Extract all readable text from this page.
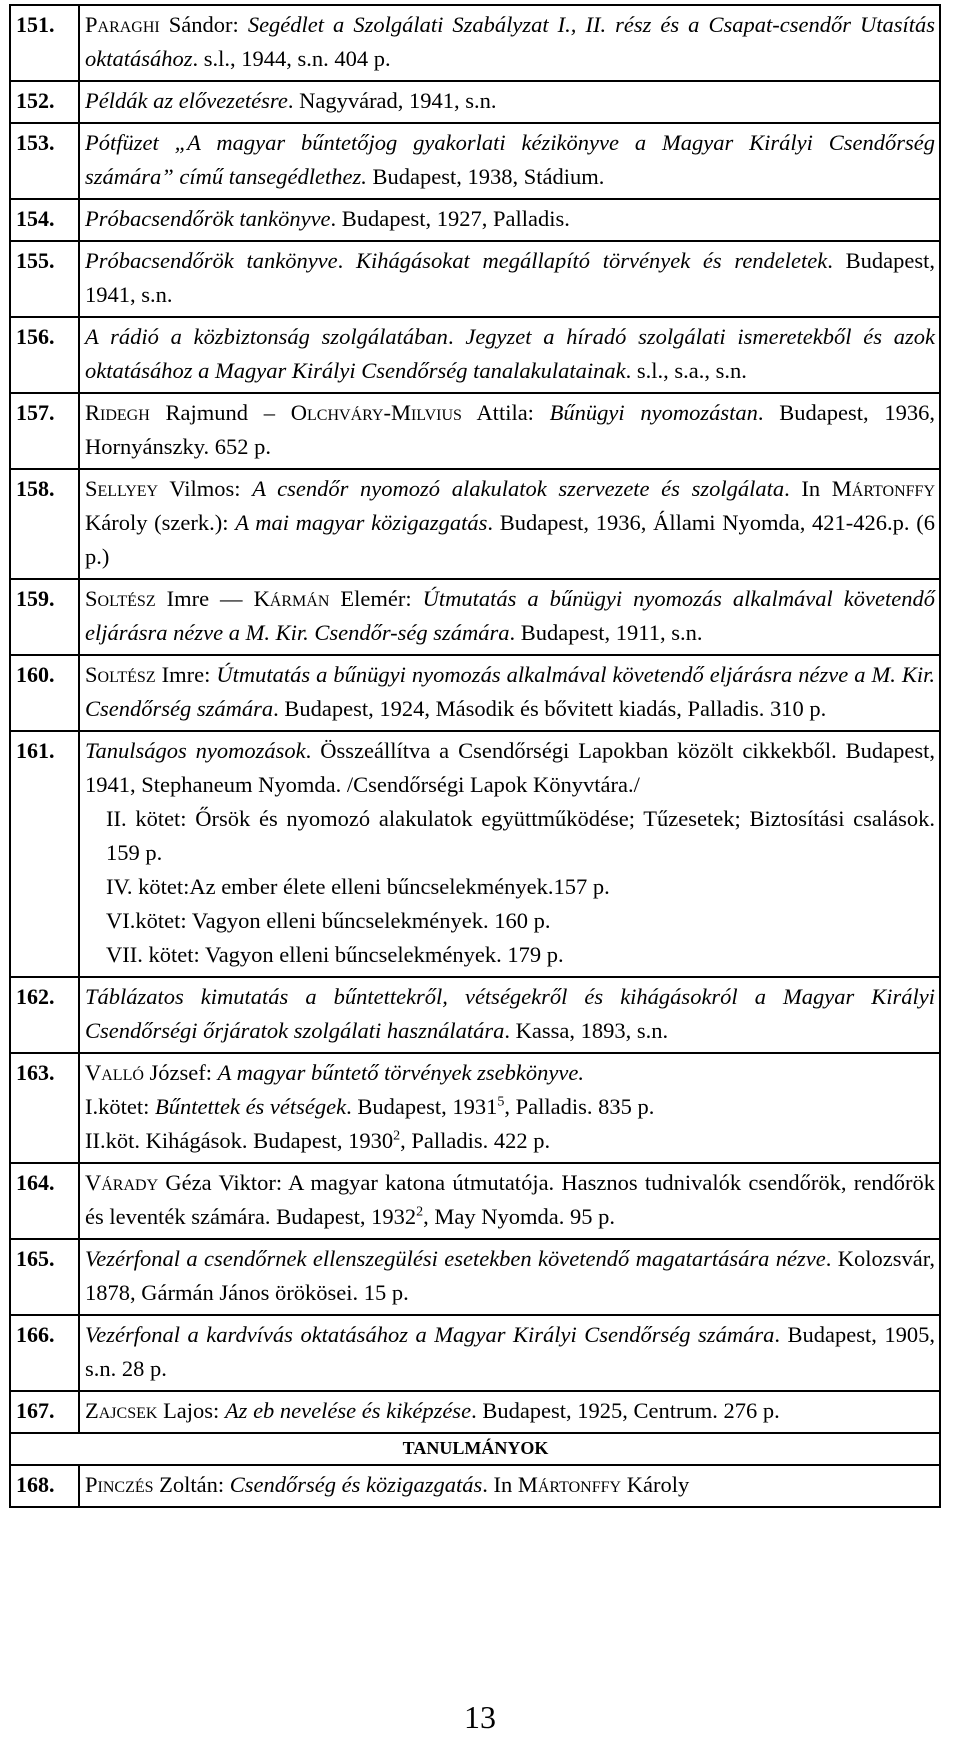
151.	Paraghi Sándor: Segédlet a Szolgálati Szabályzat I., II. rész és a Csapat-csendőr Utasítás oktatásához. s.l., 1944, s.n. 404 p.

152.	Példák az elővezetésre. Nagyvárad, 1941, s.n.

153.	Pótfüzet „A magyar bűntetőjog gyakorlati kézikönyve a Magyar Királyi Csendőrség számára” című tansegédlethez. Budapest, 1938, Stádium.

154.	Próbacsendőrök tankönyve. Budapest, 1927, Palladis.

155.	Próbacsendőrök tankönyve. Kihágásokat megállapító törvények és rendeletek. Budapest, 1941, s.n.

156.	A rádió a közbiztonság szolgálatában. Jegyzet a híradó szolgálati ismeretekből és azok oktatásához a Magyar Királyi Csendőrség tanalakulatainak. s.l., s.a., s.n.

157.	Ridegh Rajmund – Olchváry-Milvius Attila: Bűnügyi nyomozástan. Budapest, 1936, Hornyánszky. 652 p.

158.	Sellyey Vilmos: A csendőr nyomozó alakulatok szervezete és szolgálata. In Mártonffy Károly (szerk.): A mai magyar közigazgatás. Budapest, 1936, Állami Nyomda, 421-426.p. (6 p.)

159.	Soltész Imre — Kármán Elemér: Útmutatás a bűnügyi nyomozás alkalmával követendő eljárásra nézve a M. Kir. Csendőr-ség számára. Budapest, 1911, s.n.

160.	Soltész Imre: Útmutatás a bűnügyi nyomozás alkalmával követendő eljárásra nézve a M. Kir. Csendőrség számára. Budapest, 1924, Második és bővitett kiadás, Palladis. 310 p.

161.	Tanulságos nyomozások. Összeállítva a Csendőrségi Lapokban közölt cikkekből. Budapest, 1941, Stephaneum Nyomda. /Csendőrségi Lapok Könyvtára./
II. kötet: Őrsök és nyomozó alakulatok együttműködése; Tűzesetek; Biztosítási csalások. 159 p.
IV. kötet:Az ember élete elleni bűncselekmények.157 p.
VI.kötet: Vagyon elleni bűncselekmények. 160 p.
VII. kötet: Vagyon elleni bűncselekmények. 179 p.

162.	Táblázatos kimutatás a bűntettekről, vétségekről és kihágásokról a Magyar Királyi Csendőrségi őrjáratok szolgálati használatára. Kassa, 1893, s.n.

163.	Valló József: A magyar bűntető törvények zsebkönyve.
I.kötet: Bűntettek és vétségek. Budapest, 1931$^5$, Palladis. 835 p.
II.köt. Kihágások. Budapest, 1930$^2$, Palladis. 422 p.

164.	Várady Géza Viktor: A magyar katona útmutatója. Hasznos tudnivalók csendőrök, rendőrök és leventék számára. Budapest, 1932$^2$, May Nyomda. 95 p.

165.	Vezérfonal a csendőrnek ellenszegülési esetekben követendő magatartására nézve. Kolozsvár, 1878, Gármán János örökösei. 15 p.

166.	Vezérfonal a kardvívás oktatásához a Magyar Királyi Csendőrség számára. Budapest, 1905, s.n. 28 p.

167.	Zajcsek Lajos: Az eb nevelése és kiképzése. Budapest, 1925, Centrum. 276 p.

TANULMÁNYOK	
168.	Pinczés Zoltán: Csendőrség és közigazgatás. In Mártonffy Károly
13
